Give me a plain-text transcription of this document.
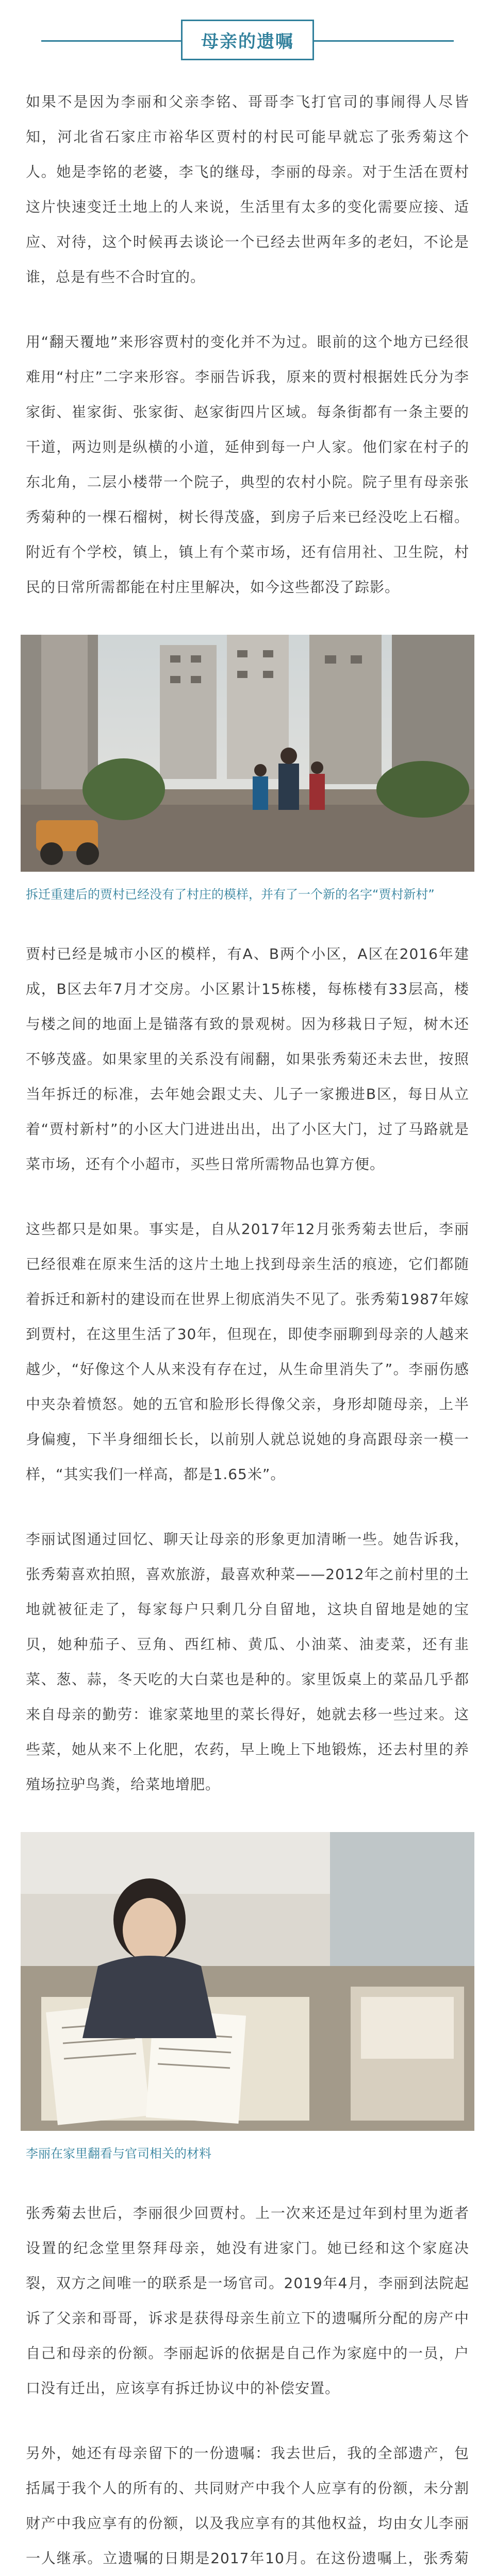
母亲的遗嘱

如果不是因为李丽和父亲李铭、哥哥李飞打官司的事闹得人尽皆知，河北省石家庄市裕华区贾村的村民可能早就忘了张秀菊这个人。她是李铭的老婆，李飞的继母，李丽的母亲。对于生活在贾村这片快速变迁土地上的人来说，生活里有太多的变化需要应接、适应、对待，这个时候再去谈论一个已经去世两年多的老妇，不论是谁，总是有些不合时宜的。

用“翻天覆地”来形容贾村的变化并不为过。眼前的这个地方已经很难用“村庄”二字来形容。李丽告诉我，原来的贾村根据姓氏分为李家街、崔家街、张家街、赵家街四片区域。每条街都有一条主要的干道，两边则是纵横的小道，延伸到每一户人家。他们家在村子的东北角，二层小楼带一个院子，典型的农村小院。院子里有母亲张秀菊种的一棵石榴树，树长得茂盛，到房子后来已经没吃上石榴。附近有个学校，镇上，镇上有个菜市场，还有信用社、卫生院，村民的日常所需都能在村庄里解决，如今这些都没了踪影。

拆迁重建后的贾村已经没有了村庄的模样，并有了一个新的名字“贾村新村”

贾村已经是城市小区的模样，有A、B两个小区，A区在2016年建成，B区去年7月才交房。小区累计15栋楼，每栋楼有33层高，楼与楼之间的地面上是锚落有致的景观树。因为移栽日子短，树木还不够茂盛。如果家里的关系没有闹翻，如果张秀菊还未去世，按照当年拆迁的标准，去年她会跟丈夫、儿子一家搬进B区，每日从立着“贾村新村”的小区大门进进出出，出了小区大门，过了马路就是菜市场，还有个小超市，买些日常所需物品也算方便。

这些都只是如果。事实是，自从2017年12月张秀菊去世后，李丽已经很难在原来生活的这片土地上找到母亲生活的痕迹，它们都随着拆迁和新村的建设而在世界上彻底消失不见了。张秀菊1987年嫁到贾村，在这里生活了30年，但现在，即使李丽聊到母亲的人越来越少，“好像这个人从来没有存在过，从生命里消失了”。李丽伤感中夹杂着愤怒。她的五官和脸形长得像父亲，身形却随母亲，上半身偏瘦，下半身细细长长，以前别人就总说她的身高跟母亲一模一样，“其实我们一样高，都是1.65米”。

李丽试图通过回忆、聊天让母亲的形象更加清晰一些。她告诉我，张秀菊喜欢拍照，喜欢旅游，最喜欢种菜——2012年之前村里的土地就被征走了，每家每户只剩几分自留地，这块自留地是她的宝贝，她种茄子、豆角、西红柿、黄瓜、小油菜、油麦菜，还有韭菜、葱、蒜，冬天吃的大白菜也是种的。家里饭桌上的菜品几乎都来自母亲的勤劳：谁家菜地里的菜长得好，她就去移一些过来。这些菜，她从来不上化肥，农药，早上晚上下地锻炼，还去村里的养殖场拉驴鸟粪，给菜地增肥。

李丽在家里翻看与官司相关的材料

张秀菊去世后，李丽很少回贾村。上一次来还是过年到村里为逝者设置的纪念堂里祭拜母亲，她没有进家门。她已经和这个家庭决裂，双方之间唯一的联系是一场官司。2019年4月，李丽到法院起诉了父亲和哥哥，诉求是获得母亲生前立下的遗嘱所分配的房产中自己和母亲的份额。李丽起诉的依据是自己作为家庭中的一员，户口没有迁出，应该享有拆迁协议中的补偿安置。

另外，她还有母亲留下的一份遗嘱：我去世后，我的全部遗产，包括属于我个人的所有的、共同财产中我个人应享有的份额，未分割财产中我应享有的份额，以及我应享有的其他权益，均由女儿李丽一人继承。立遗嘱的日期是2017年10月。在这份遗嘱上，张秀菊
